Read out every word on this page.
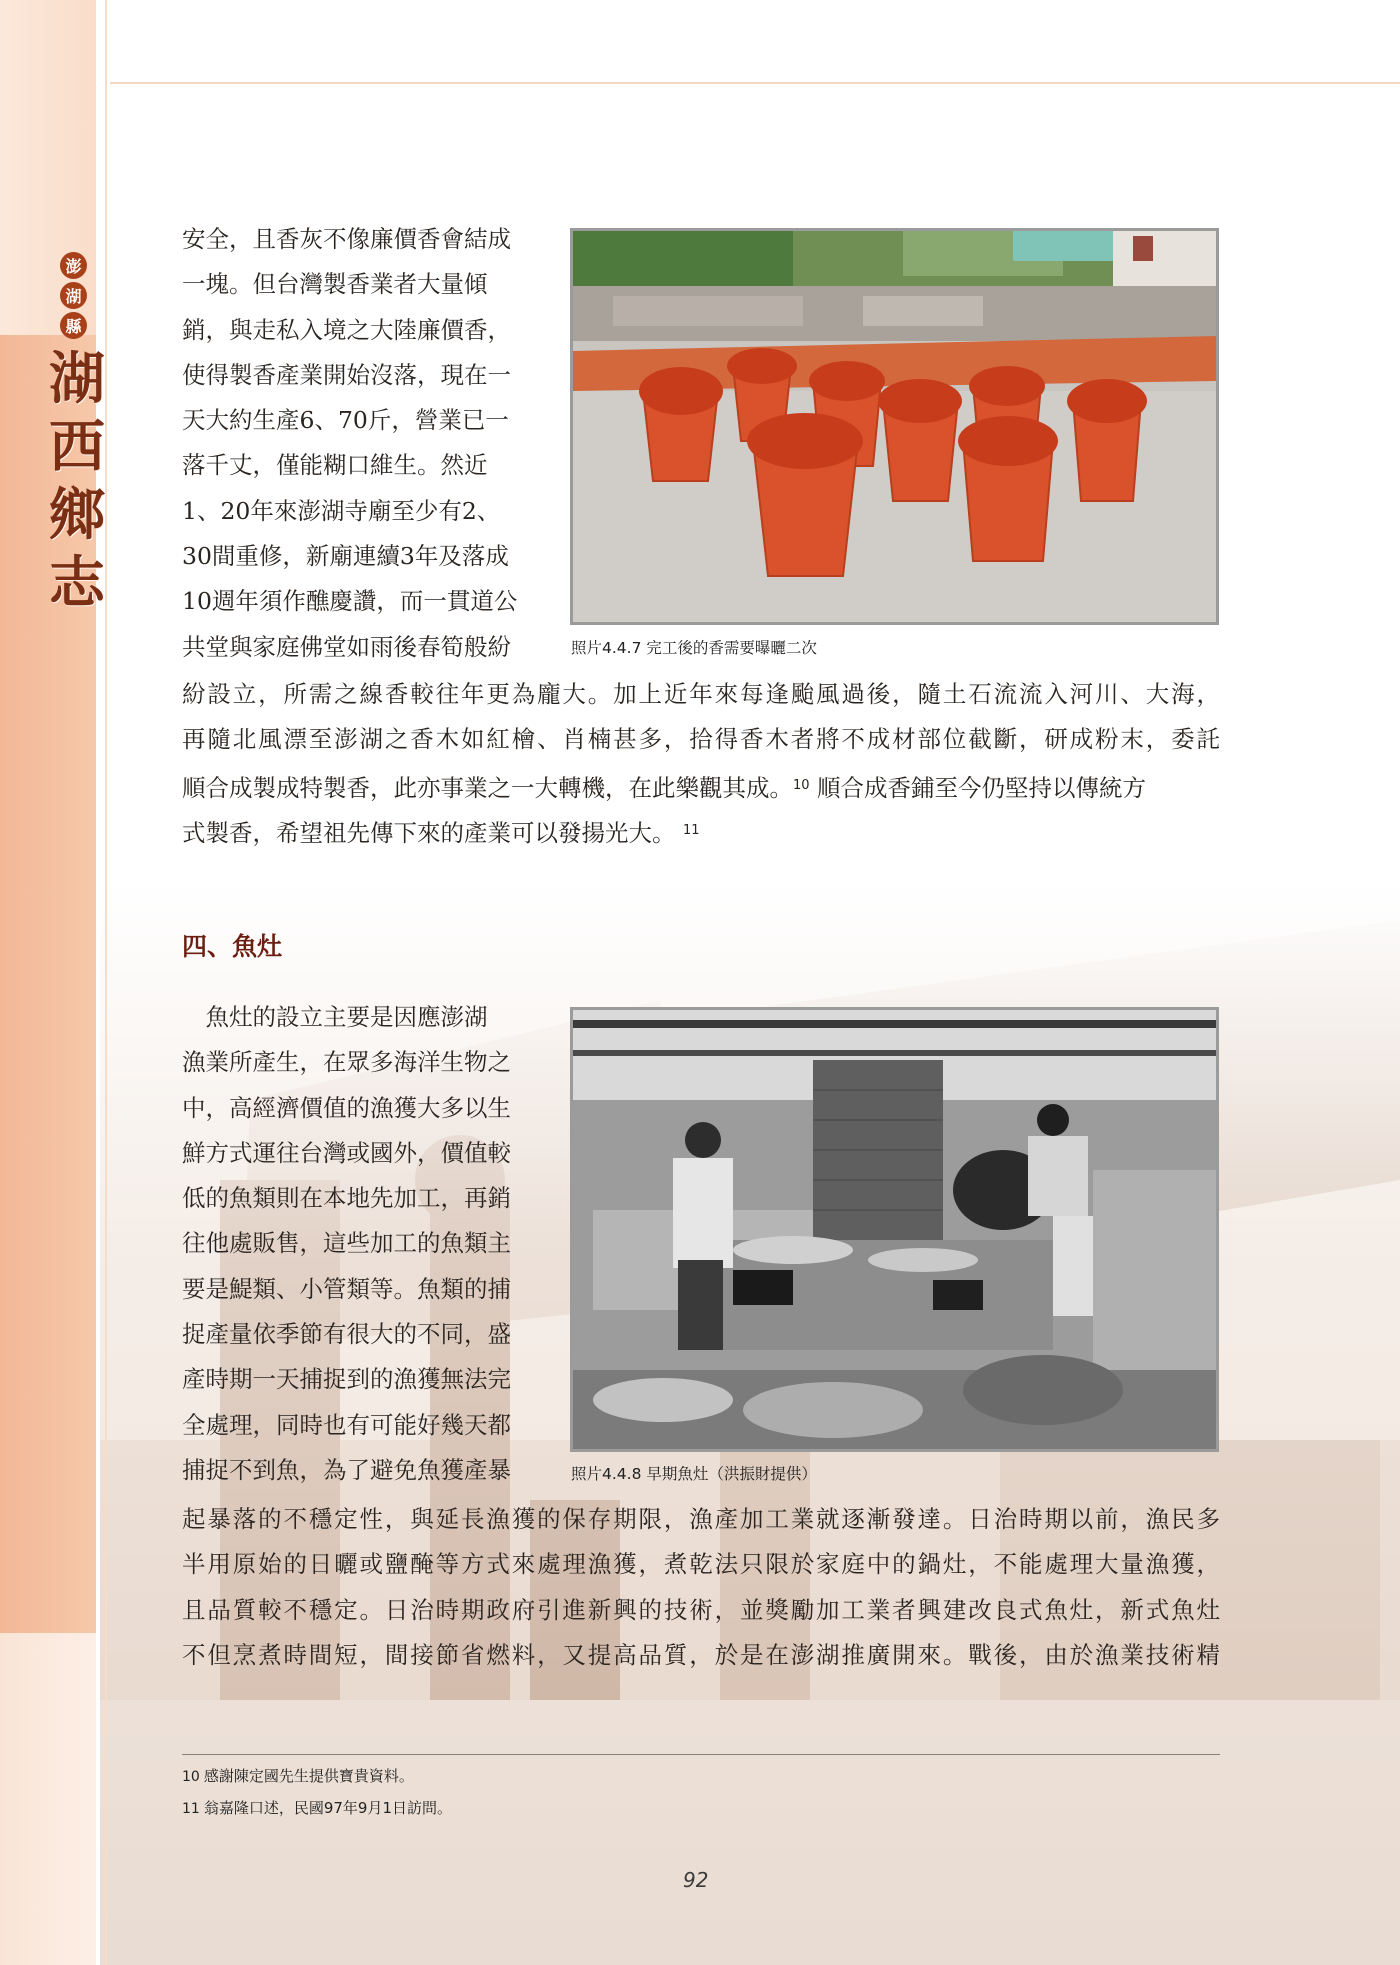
澎
湖
縣
湖
西
鄉
志
安全，且香灰不像廉價香會結成
一塊。但台灣製香業者大量傾
銷，與走私入境之大陸廉價香，
使得製香產業開始沒落，現在一
天大約生產6、70斤，營業已一
落千丈，僅能糊口維生。然近
1、20年來澎湖寺廟至少有2、
30間重修，新廟連續3年及落成
10週年須作醮慶讚，而一貫道公
共堂與家庭佛堂如雨後春筍般紛	照片4.4.7 完工後的香需要曝曬二次
紛設立，所需之線香較往年更為龐大。加上近年來每逢颱風過後，隨土石流流入河川、大海，
再隨北風漂至澎湖之香木如紅檜、肖楠甚多，拾得香木者將不成材部位截斷，研成粉末，委託
順合成製成特製香，此亦事業之一大轉機，在此樂觀其成。$^{10}$ 順合成香鋪至今仍堅持以傳統方
式製香，希望祖先傳下來的產業可以發揚光大。 $^{11}$
四、魚灶
　魚灶的設立主要是因應澎湖
漁業所產生，在眾多海洋生物之
中，高經濟價值的漁獲大多以生
鮮方式運往台灣或國外，價值較
低的魚類則在本地先加工，再銷
往他處販售，這些加工的魚類主
要是鯷類、小管類等。魚類的捕
捉產量依季節有很大的不同，盛
產時期一天捕捉到的漁獲無法完
全處理，同時也有可能好幾天都
捕捉不到魚，為了避免魚獲產暴	照片4.4.8 早期魚灶（洪振財提供）
起暴落的不穩定性，與延長漁獲的保存期限，漁產加工業就逐漸發達。日治時期以前，漁民多
半用原始的日曬或鹽醃等方式來處理漁獲，煮乾法只限於家庭中的鍋灶，不能處理大量漁獲，
且品質較不穩定。日治時期政府引進新興的技術，並獎勵加工業者興建改良式魚灶，新式魚灶
不但烹煮時間短，間接節省燃料，又提高品質，於是在澎湖推廣開來。戰後，由於漁業技術精
10 感謝陳定國先生提供寶貴資料。
11 翁嘉隆口述，民國97年9月1日訪問。
92
